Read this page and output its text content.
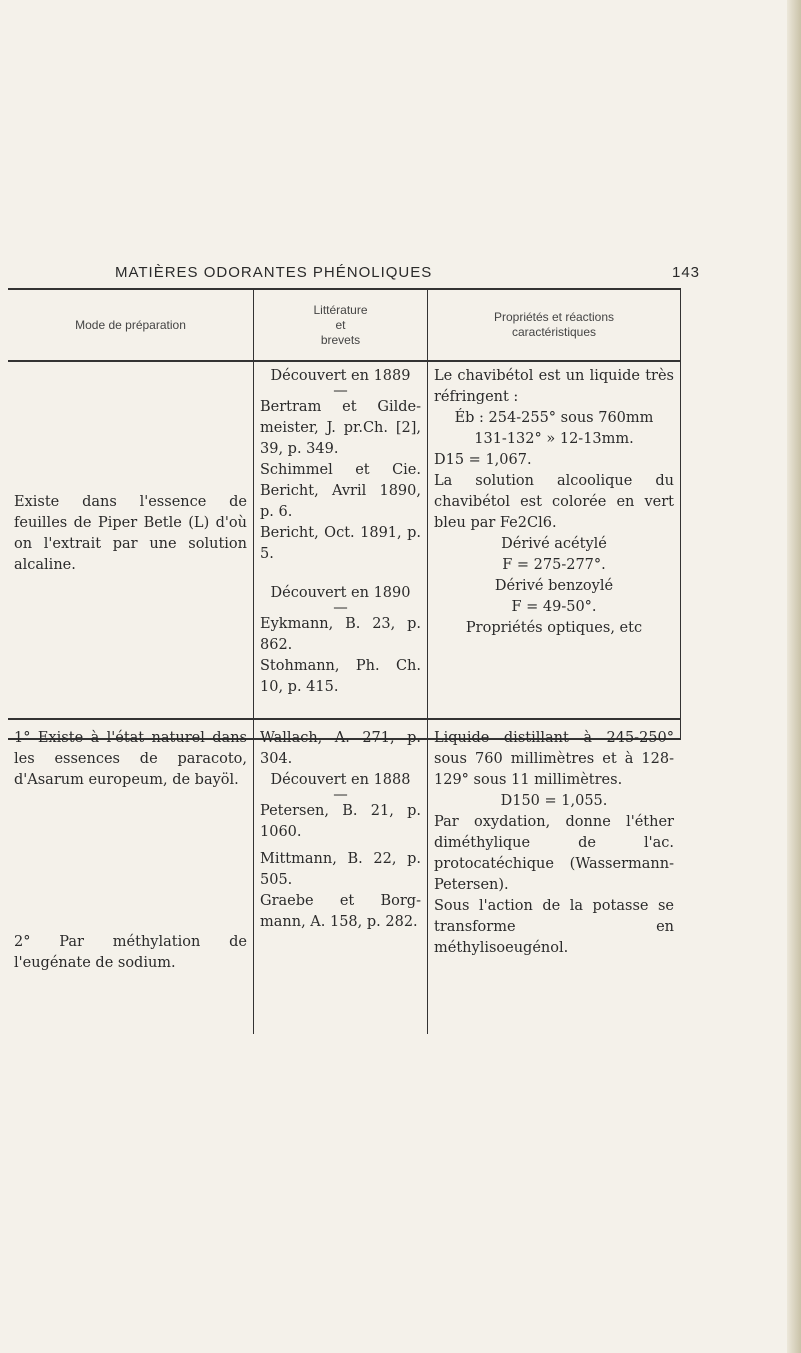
MATIÈRES ODORANTES PHÉNOLIQUES	143
Mode de préparation
Littérature
et
brevets
Propriétés et réactions
caractéristiques

Existe dans l'essence de feuilles de Piper Betle (L) d'où on l'extrait par une solution alcaline.

Découvert en 1889

—

Bertram et Gilde-meister, J. pr.Ch. [2], 39, p. 349.

Schimmel et Cie. Bericht, Avril 1890, p. 6.

Bericht, Oct. 1891, p. 5.

Découvert en 1890

—

Eykmann, B. 23, p. 862.

Stohmann, Ph. Ch. 10, p. 415.

Le chavibétol est un liquide très réfringent :

Éb : 254-255° sous 760mm

131-132° » 12-13mm.

D15 = 1,067.

La solution alcoolique du chavibétol est colorée en vert bleu par Fe2Cl6.

Dérivé acétylé

F = 275-277°.

Dérivé benzoylé

F = 49-50°.

Propriétés optiques, etc

1° Existe à l'état naturel dans les essences de paracoto, d'Asarum europeum, de bayöl.

2° Par méthylation de l'eugénate de sodium.

Wallach, A. 271, p. 304.

Découvert en 1888

—

Petersen, B. 21, p. 1060.

Mittmann, B. 22, p. 505.

Graebe et Borg-mann, A. 158, p. 282.

Liquide distillant à 245-250° sous 760 millimètres et à 128-129° sous 11 millimètres.

D150 = 1,055.

Par oxydation, donne l'éther diméthylique de l'ac. protocatéchique (Wassermann-Petersen).

Sous l'action de la potasse se transforme en méthylisoeugénol.
